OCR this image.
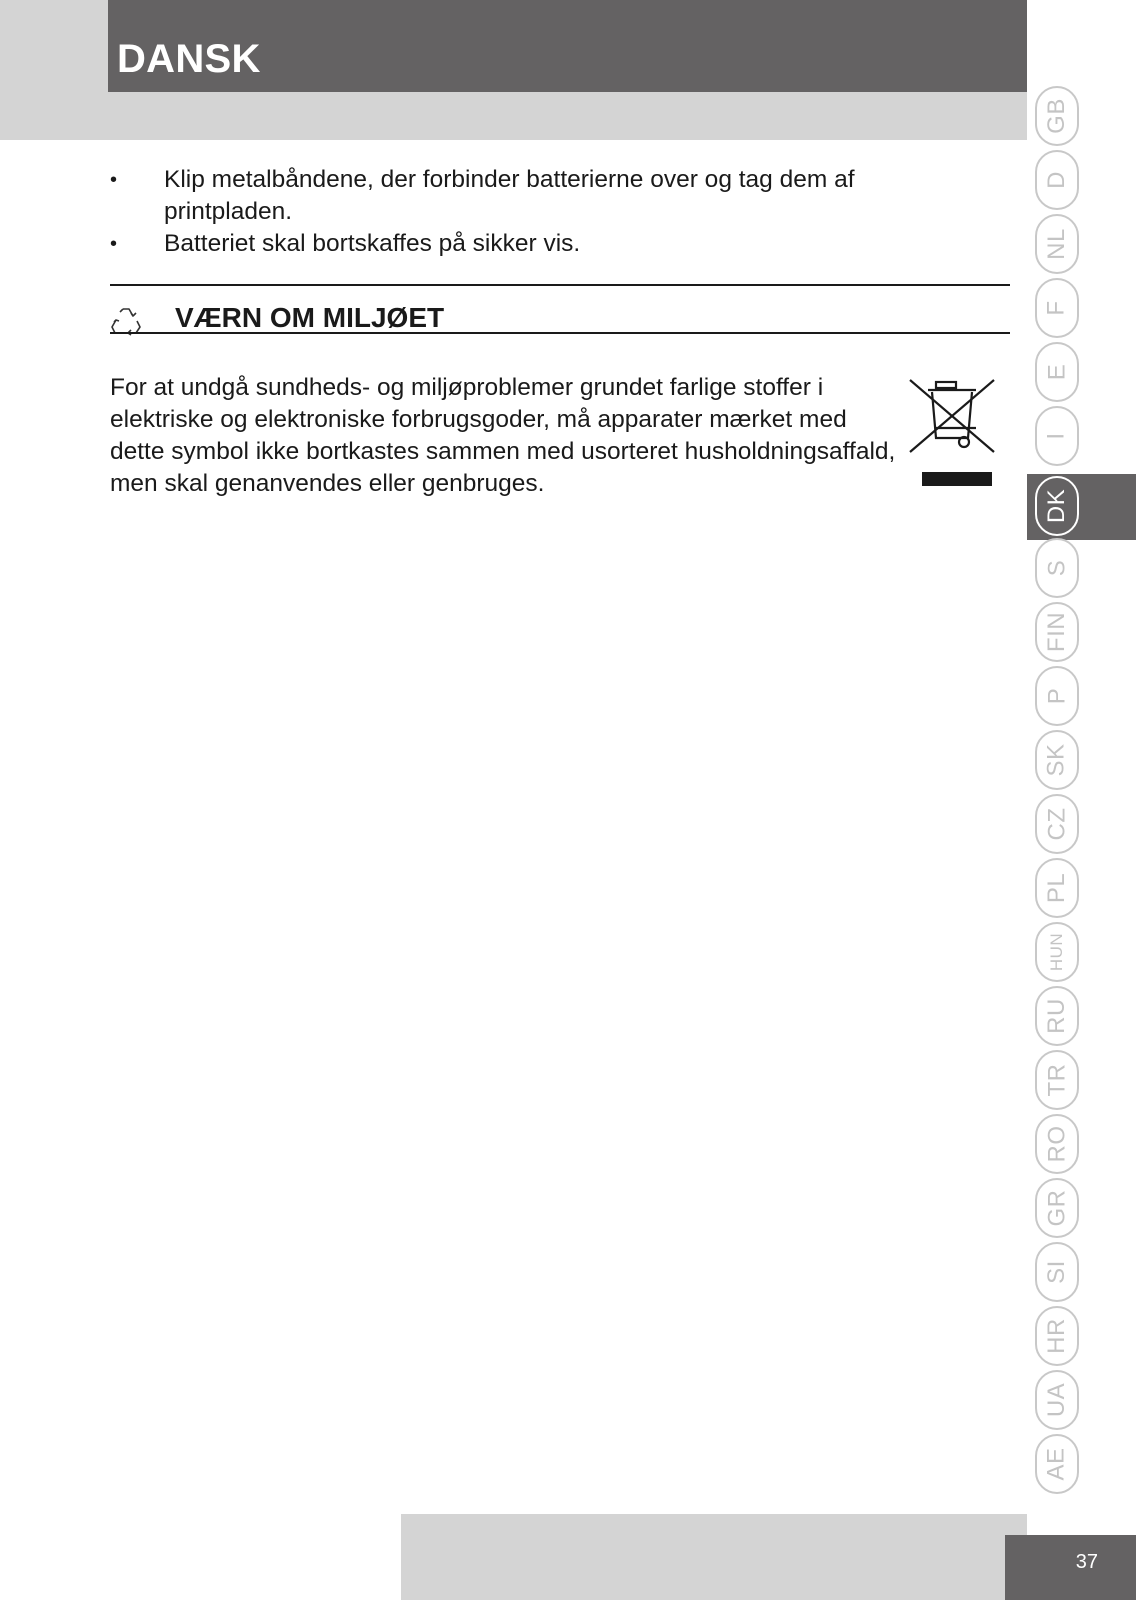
DANSK
• Klip metalbåndene, der forbinder batterierne over og tag dem af printpladen.
• Batteriet skal bortskaffes på sikker vis.
VÆRN OM MILJØET

For at undgå sundheds- og miljøproblemer grundet farlige stoffer i elektriske og elektroniske forbrugsgoder, må apparater mærket med dette symbol ikke bortkastes sammen med usorteret husholdningsaffald, men skal genanvendes eller genbruges.

GB
D
NL
F
E
I
DK
S
FIN
P
SK
CZ
PL
HUN
RU
TR
RO
GR
SI
HR
UA
AE
37
